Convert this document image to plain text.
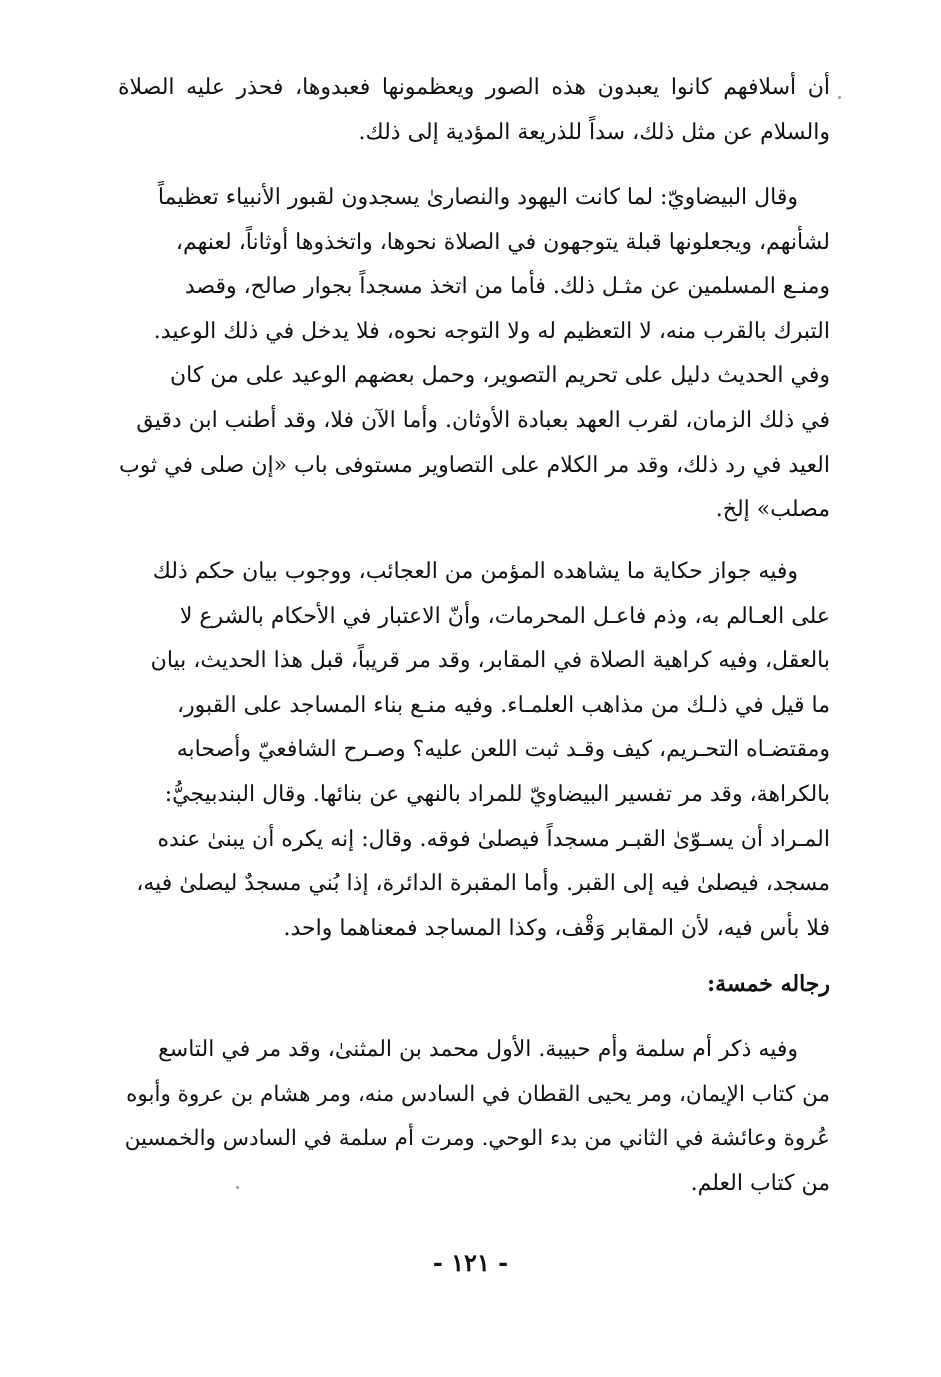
أن أسلافهم كانوا يعبدون هذه الصور ويعظمونها فعبدوها، فحذر عليه الصلاة
والسلام عن مثل ذلك، سداً للذريعة المؤدية إلى ذلك.
وقال البيضاويّ: لما كانت اليهود والنصارىٰ يسجدون لقبور الأنبياء تعظيماً
لشأنهم، ويجعلونها قبلة يتوجهون في الصلاة نحوها، واتخذوها أوثاناً، لعنهم،
ومنـع المسلمين عن مثـل ذلك. فأما من اتخذ مسجداً بجوار صالح، وقصد
التبرك بالقرب منه، لا التعظيم له ولا التوجه نحوه، فلا يدخل في ذلك الوعيد.
وفي الحديث دليل على تحريم التصوير، وحمل بعضهم الوعيد على من كان
في ذلك الزمان، لقرب العهد بعبادة الأوثان. وأما الآن فلا، وقد أطنب ابن دقيق
العيد في رد ذلك، وقد مر الكلام على التصاوير مستوفى باب «إن صلى في ثوب
مصلب» إلخ.
وفيه جواز حكاية ما يشاهده المؤمن من العجائب، ووجوب بيان حكم ذلك
على العـالم به، وذم فاعـل المحرمات، وأنّ الاعتبار في الأحكام بالشرع لا
بالعقل، وفيه كراهية الصلاة في المقابر، وقد مر قريباً، قبل هذا الحديث، بيان
ما قيل في ذلـك من مذاهب العلمـاء. وفيه منـع بناء المساجد على القبور،
ومقتضـاه التحـريم، كيف وقـد ثبت اللعن عليه؟ وصـرح الشافعيّ وأصحابه
بالكراهة، وقد مر تفسير البيضاويّ للمراد بالنهي عن بنائها. وقال البندبيجيُّ:
المـراد أن يسـوّىٰ القبـر مسجداً فيصلىٰ فوقه. وقال: إنه يكره أن يبنىٰ عنده
مسجد، فيصلىٰ فيه إلى القبر. وأما المقبرة الدائرة، إذا بُني مسجدٌ ليصلىٰ فيه،
فلا بأس فيه، لأن المقابر وَقْف، وكذا المساجد فمعناهما واحد.
رجاله خمسة:
وفيه ذكر أم سلمة وأم حبيبة. الأول محمد بن المثنىٰ، وقد مر في التاسع
من كتاب الإيمان، ومر يحيى القطان في السادس منه، ومر هشام بن عروة وأبوه
عُروة وعائشة في الثاني من بدء الوحي. ومرت أم سلمة في السادس والخمسين
من كتاب العلم.
- ١٢١ -
